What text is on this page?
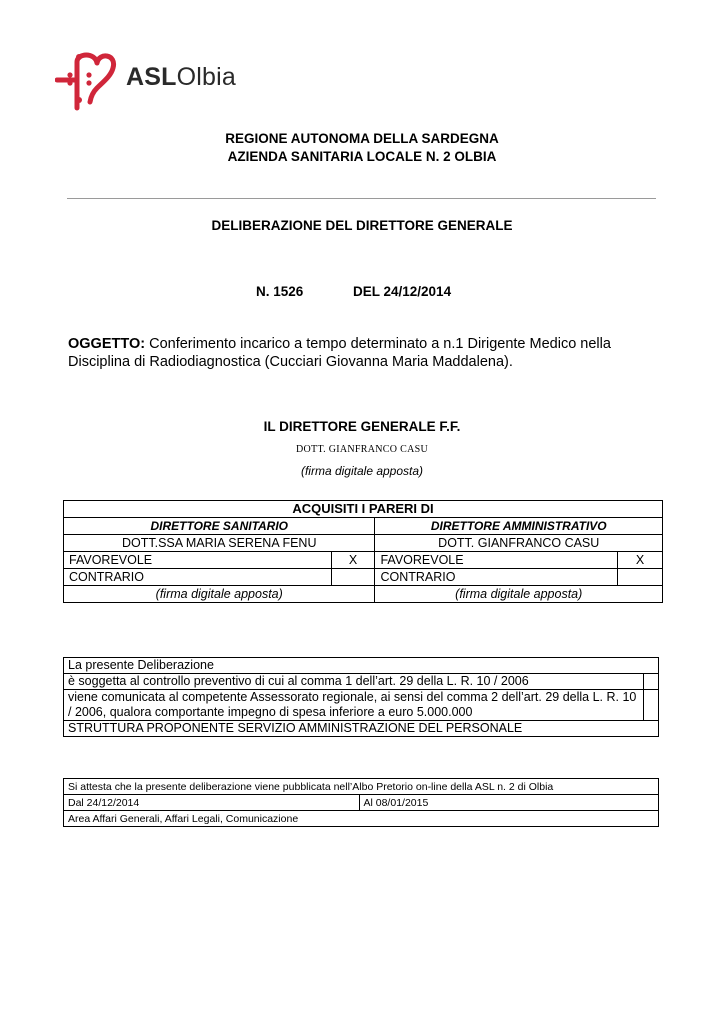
ASLOlbia
REGIONE AUTONOMA DELLA SARDEGNA
AZIENDA SANITARIA LOCALE N. 2 OLBIA
DELIBERAZIONE DEL DIRETTORE GENERALE
N. 1526	DEL 24/12/2014
OGGETTO: Conferimento incarico a tempo determinato a n.1 Dirigente Medico nella Disciplina di Radiodiagnostica (Cucciari Giovanna Maria Maddalena).
IL DIRETTORE GENERALE F.F.
DOTT. GIANFRANCO CASU
(firma digitale apposta)
ACQUISITI I PARERI DI			
DIRETTORE SANITARIO		DIRETTORE AMMINISTRATIVO	
DOTT.SSA MARIA SERENA FENU		DOTT. GIANFRANCO CASU	
FAVOREVOLE	X	FAVOREVOLE	X
CONTRARIO		CONTRARIO	
(firma digitale apposta)		(firma digitale apposta)	
La presente Deliberazione	
è soggetta al controllo preventivo di cui al comma 1 dell’art. 29 della L. R. 10 / 2006	
viene comunicata al competente Assessorato regionale, ai sensi del comma 2 dell’art. 29 della L. R. 10 / 2006, qualora comportante impegno di spesa inferiore a euro 5.000.000	
STRUTTURA PROPONENTE SERVIZIO AMMINISTRAZIONE DEL PERSONALE	
Si attesta che la presente deliberazione viene pubblicata nell’Albo Pretorio on-line della ASL n. 2 di Olbia
Dal 24/12/2014	Al 08/01/2015
Area Affari Generali, Affari Legali, Comunicazione
